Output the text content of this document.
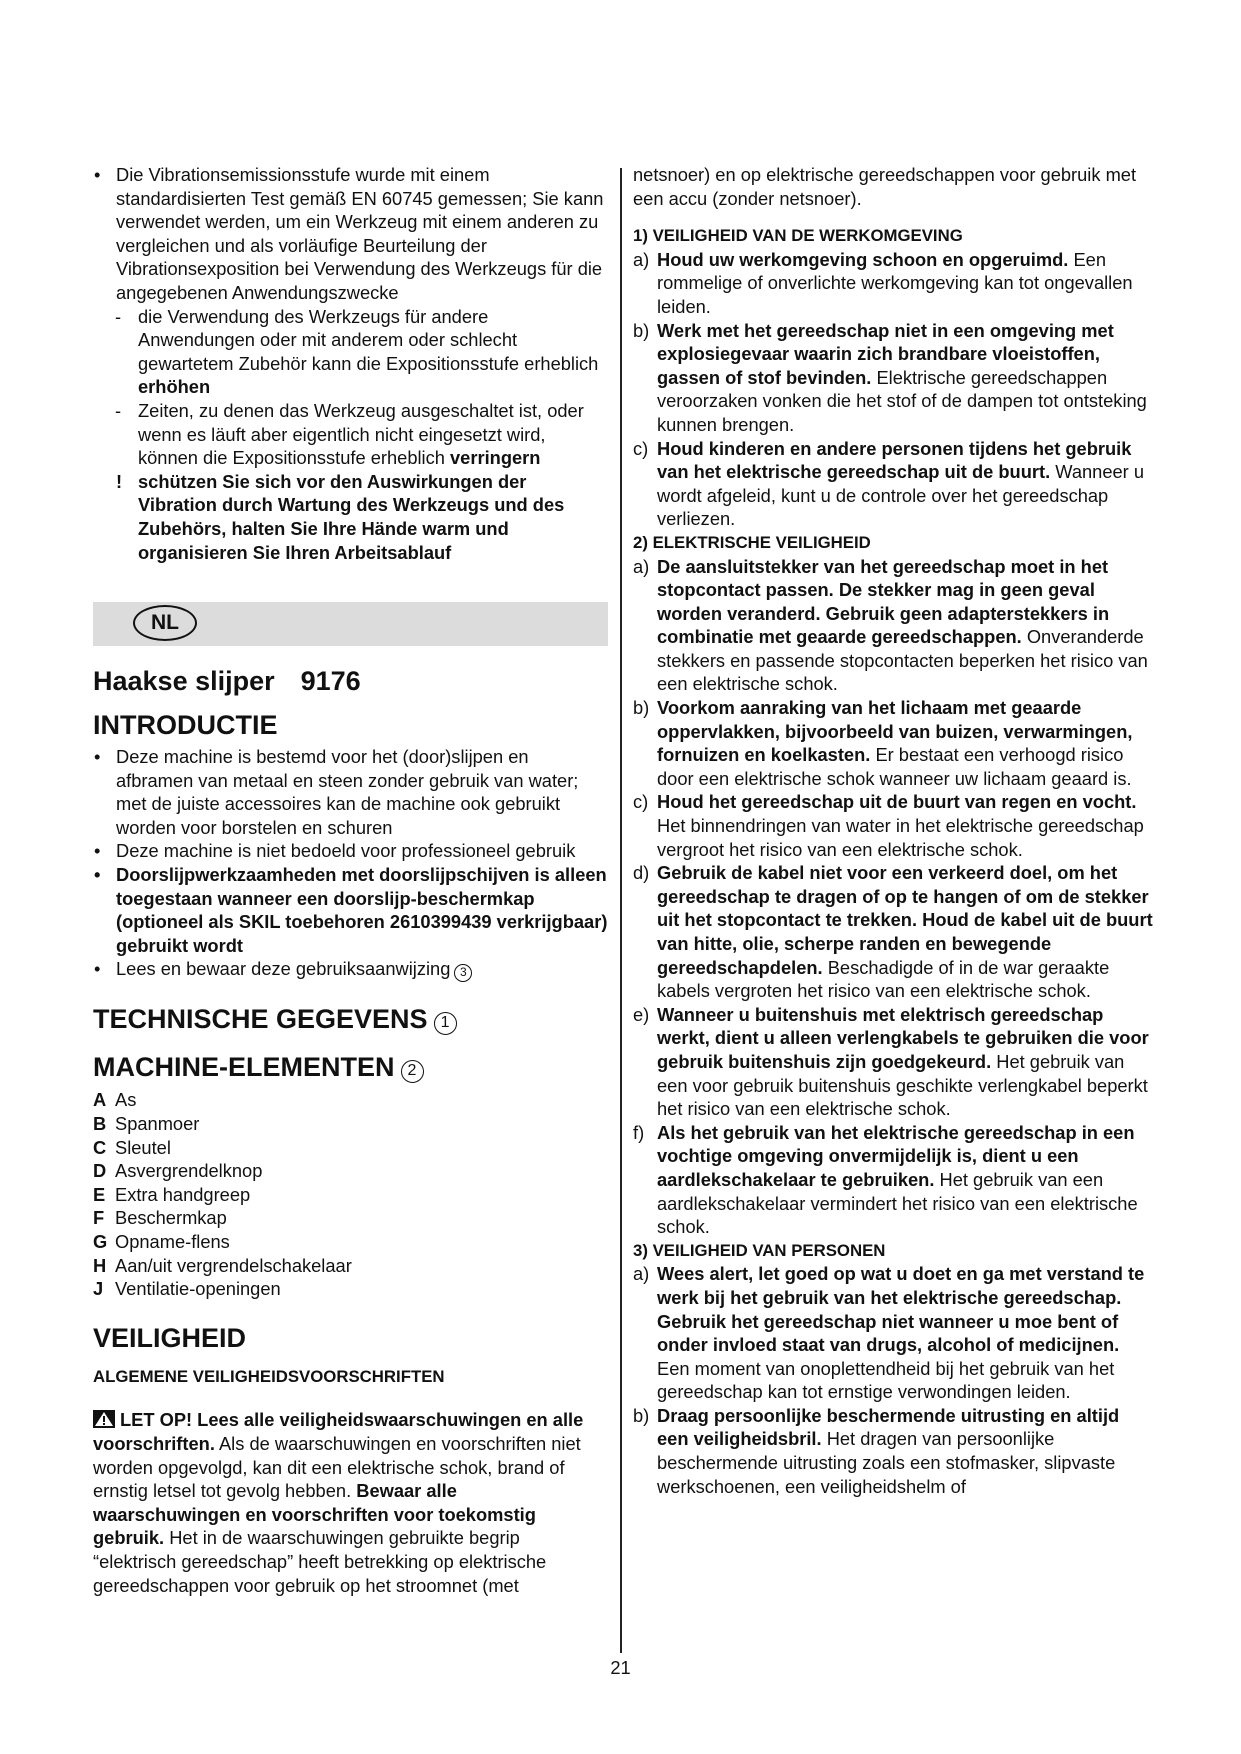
• Die Vibrationsemissionsstufe wurde mit einem standardisierten Test gemäß EN 60745 gemessen; Sie kann verwendet werden, um ein Werkzeug mit einem anderen zu vergleichen und als vorläufige Beurteilung der Vibrationsexposition bei Verwendung des Werkzeugs für die angegebenen Anwendungszwecke

- die Verwendung des Werkzeugs für andere Anwendungen oder mit anderem oder schlecht gewartetem Zubehör kann die Expositionsstufe erheblich erhöhen

- Zeiten, zu denen das Werkzeug ausgeschaltet ist, oder wenn es läuft aber eigentlich nicht eingesetzt wird, können die Expositionsstufe erheblich verringern

! schützen Sie sich vor den Auswirkungen der Vibration durch Wartung des Werkzeugs und des Zubehörs, halten Sie Ihre Hände warm und organisieren Sie Ihren Arbeitsablauf

NL

Haakse slijper 9176

INTRODUCTIE

• Deze machine is bestemd voor het (door)slijpen en afbramen van metaal en steen zonder gebruik van water; met de juiste accessoires kan de machine ook gebruikt worden voor borstelen en schuren

• Deze machine is niet bedoeld voor professioneel gebruik

• Doorslijpwerkzaamheden met doorslijpschijven is alleen toegestaan wanneer een doorslijp-beschermkap (optioneel als SKIL toebehoren 2610399439 verkrijgbaar) gebruikt wordt

• Lees en bewaar deze gebruiksaanwijzing 3

TECHNISCHE GEGEVENS 1

MACHINE-ELEMENTEN 2

A As
B Spanmoer
C Sleutel
D Asvergrendelknop
E Extra handgreep
F Beschermkap
G Opname-flens
H Aan/uit vergrendelschakelaar
J Ventilatie-openingen

VEILIGHEID

ALGEMENE VEILIGHEIDSVOORSCHRIFTEN

LET OP! Lees alle veiligheidswaarschuwingen en alle voorschriften. Als de waarschuwingen en voorschriften niet worden opgevolgd, kan dit een elektrische schok, brand of ernstig letsel tot gevolg hebben. Bewaar alle waarschuwingen en voorschriften voor toekomstig gebruik. Het in de waarschuwingen gebruikte begrip “elektrisch gereedschap” heeft betrekking op elektrische gereedschappen voor gebruik op het stroomnet (met

netsnoer) en op elektrische gereedschappen voor gebruik met een accu (zonder netsnoer).

1) VEILIGHEID VAN DE WERKOMGEVING

a) Houd uw werkomgeving schoon en opgeruimd. Een rommelige of onverlichte werkomgeving kan tot ongevallen leiden.

b) Werk met het gereedschap niet in een omgeving met explosiegevaar waarin zich brandbare vloeistoffen, gassen of stof bevinden. Elektrische gereedschappen veroorzaken vonken die het stof of de dampen tot ontsteking kunnen brengen.

c) Houd kinderen en andere personen tijdens het gebruik van het elektrische gereedschap uit de buurt. Wanneer u wordt afgeleid, kunt u de controle over het gereedschap verliezen.

2) ELEKTRISCHE VEILIGHEID

a) De aansluitstekker van het gereedschap moet in het stopcontact passen. De stekker mag in geen geval worden veranderd. Gebruik geen adapterstekkers in combinatie met geaarde gereedschappen. Onveranderde stekkers en passende stopcontacten beperken het risico van een elektrische schok.

b) Voorkom aanraking van het lichaam met geaarde oppervlakken, bijvoorbeeld van buizen, verwarmingen, fornuizen en koelkasten. Er bestaat een verhoogd risico door een elektrische schok wanneer uw lichaam geaard is.

c) Houd het gereedschap uit de buurt van regen en vocht. Het binnendringen van water in het elektrische gereedschap vergroot het risico van een elektrische schok.

d) Gebruik de kabel niet voor een verkeerd doel, om het gereedschap te dragen of op te hangen of om de stekker uit het stopcontact te trekken. Houd de kabel uit de buurt van hitte, olie, scherpe randen en bewegende gereedschapdelen. Beschadigde of in de war geraakte kabels vergroten het risico van een elektrische schok.

e) Wanneer u buitenshuis met elektrisch gereedschap werkt, dient u alleen verlengkabels te gebruiken die voor gebruik buitenshuis zijn goedgekeurd. Het gebruik van een voor gebruik buitenshuis geschikte verlengkabel beperkt het risico van een elektrische schok.

f) Als het gebruik van het elektrische gereedschap in een vochtige omgeving onvermijdelijk is, dient u een aardlekschakelaar te gebruiken. Het gebruik van een aardlekschakelaar vermindert het risico van een elektrische schok.

3) VEILIGHEID VAN PERSONEN

a) Wees alert, let goed op wat u doet en ga met verstand te werk bij het gebruik van het elektrische gereedschap. Gebruik het gereedschap niet wanneer u moe bent of onder invloed staat van drugs, alcohol of medicijnen. Een moment van onoplettendheid bij het gebruik van het gereedschap kan tot ernstige verwondingen leiden.

b) Draag persoonlijke beschermende uitrusting en altijd een veiligheidsbril. Het dragen van persoonlijke beschermende uitrusting zoals een stofmasker, slipvaste werkschoenen, een veiligheidshelm of

21
